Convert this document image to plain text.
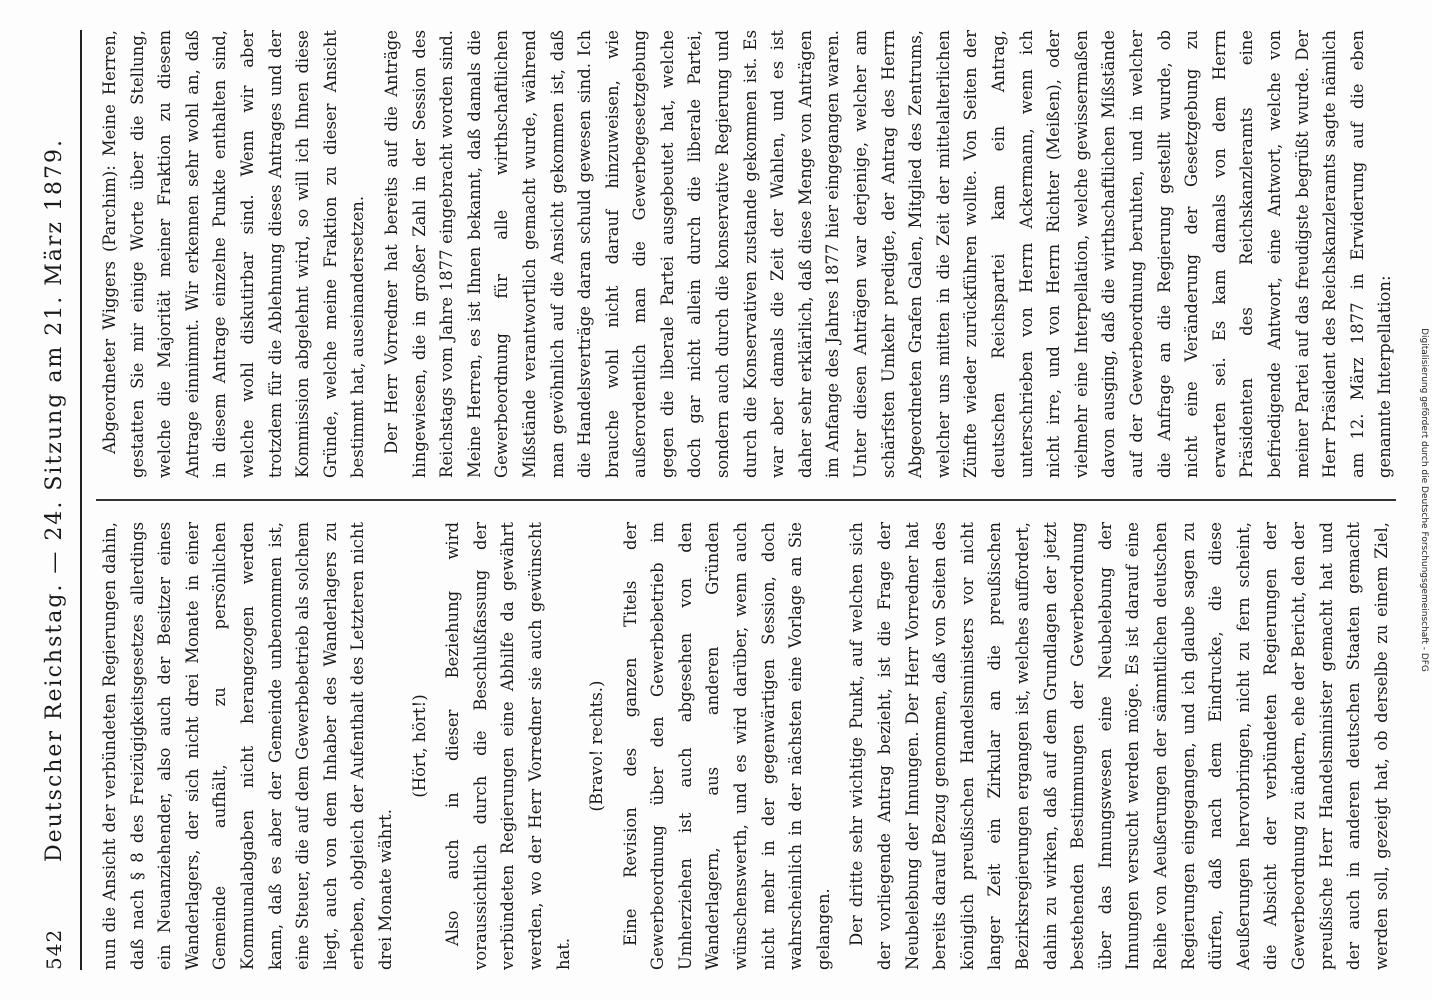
542
Deutscher Reichstag. — 24. Sitzung am 21. März 1879. nun die Ansicht der verbündeten Regierungen dahin, daß nach § 8 des Freizügigkeitsgesetzes allerdings ein Neuanziehender, also auch der Besitzer eines Wanderlagers, der sich nicht drei Monate in einer Gemeinde aufhält, zu persönlichen Kommunalabgaben nicht herangezogen werden kann, daß es aber der Gemeinde unbenommen ist, eine Steuer, die auf dem Gewerbebetrieb als solchem liegt, auch von dem Inhaber des Wanderlagers zu erheben, obgleich der Aufenthalt des Letzteren nicht drei Monate währt.

(Hört, hört!) Also auch in dieser Beziehung wird voraussichtlich durch die Beschlußfassung der verbündeten Regierungen eine Abhilfe da gewährt werden, wo der Herr Vorredner sie auch gewünscht hat.

(Bravo! rechts.) Eine Revision des ganzen Titels der Gewerbeordnung über den Gewerbebetrieb im Umherziehen ist auch abgesehen von den Wanderlagern, aus anderen Gründen wünschenswerth, und es wird darüber, wenn auch nicht mehr in der gegenwärtigen Session, doch wahrscheinlich in der nächsten eine Vorlage an Sie gelangen. Der dritte sehr wichtige Punkt, auf welchen sich der vorliegende Antrag bezieht, ist die Frage der Neubelebung der Innungen. Der Herr Vorredner hat bereits darauf Bezug genommen, daß von Seiten des königlich preußischen Handelsministers vor nicht langer Zeit ein Zirkular an die preußischen Bezirksregierungen ergangen ist, welches auffordert, dahin zu wirken, daß auf dem Grundlagen der jetzt bestehenden Bestimmungen der Gewerbeordnung über das Innungswesen eine Neubelebung der Innungen versucht werden möge. Es ist darauf eine Reihe von Aeußerungen der sämmtlichen deutschen Regierungen eingegangen, und ich glaube sagen zu dürfen, daß nach dem Eindrucke, die diese Aeußerungen hervorbringen, nicht zu fern scheint, die Absicht der verbündeten Regierungen der Gewerbeordnung zu ändern, ehe der Bericht, den der preußische Herr Handelsminister gemacht hat und der auch in anderen deutschen Staaten gemacht werden soll, gezeigt hat, ob derselbe zu einem Ziel,

Abgeordneter Wiggers (Parchim): Meine Herren, gestatten Sie mir einige Worte über die Stellung, welche die Majorität meiner Fraktion zu diesem Antrage einnimmt. Wir erkennen sehr wohl an, daß in diesem Antrage einzelne Punkte enthalten sind, welche wohl diskutirbar sind. Wenn wir aber trotzdem für die Ablehnung dieses Antrages und der Kommission abgelehnt wird, so will ich Ihnen diese Gründe, welche meine Fraktion zu dieser Ansicht bestimmt hat, auseinandersetzen. Der Herr Vorredner hat bereits auf die Anträge hingewiesen, die in großer Zahl in der Session des Reichstags vom Jahre 1877 eingebracht worden sind. Meine Herren, es ist Ihnen bekannt, daß damals die Gewerbeordnung für alle wirthschaftlichen Mißstände verantwortlich gemacht wurde, während man gewöhnlich auf die Ansicht gekommen ist, daß die Handelsverträge daran schuld gewesen sind. Ich brauche wohl nicht darauf hinzuweisen, wie außerordentlich man die Gewerbegesetzgebung gegen die liberale Partei ausgebeutet hat, welche doch gar nicht allein durch die liberale Partei, sondern auch durch die konservative Regierung und durch die Konservativen zustande gekommen ist. Es war aber damals die Zeit der Wahlen, und es ist daher sehr erklärlich, daß diese Menge von Anträgen im Anfange des Jahres 1877 hier eingegangen waren. Unter diesen Anträgen war derjenige, welcher am schärfsten Umkehr predigte, der Antrag des Herrn Abgeordneten Grafen Galen, Mitglied des Zentrums, welcher uns mitten in die Zeit der mittelalterlichen Zünfte wieder zurückführen wollte. Von Seiten der deutschen Reichspartei kam ein Antrag, unterschrieben von Herrn Ackermann, wenn ich nicht irre, und von Herrn Richter (Meißen), oder vielmehr eine Interpellation, welche gewissermaßen davon ausging, daß die wirthschaftlichen Mißstände auf der Gewerbeordnung beruhten, und in welcher die Anfrage an die Regierung gestellt wurde, ob nicht eine Veränderung der Gesetzgebung zu erwarten sei. Es kam damals von dem Herrn Präsidenten des Reichskanzleramts eine befriedigende Antwort, eine Antwort, welche von meiner Partei auf das freudigste begrüßt wurde. Der Herr Präsident des Reichskanzleramts sagte nämlich am 12. März 1877 in Erwiderung auf die eben genannte Interpellation:	Digitalisierung gefördert durch die Deutsche Forschungsgemeinschaft - DFG
